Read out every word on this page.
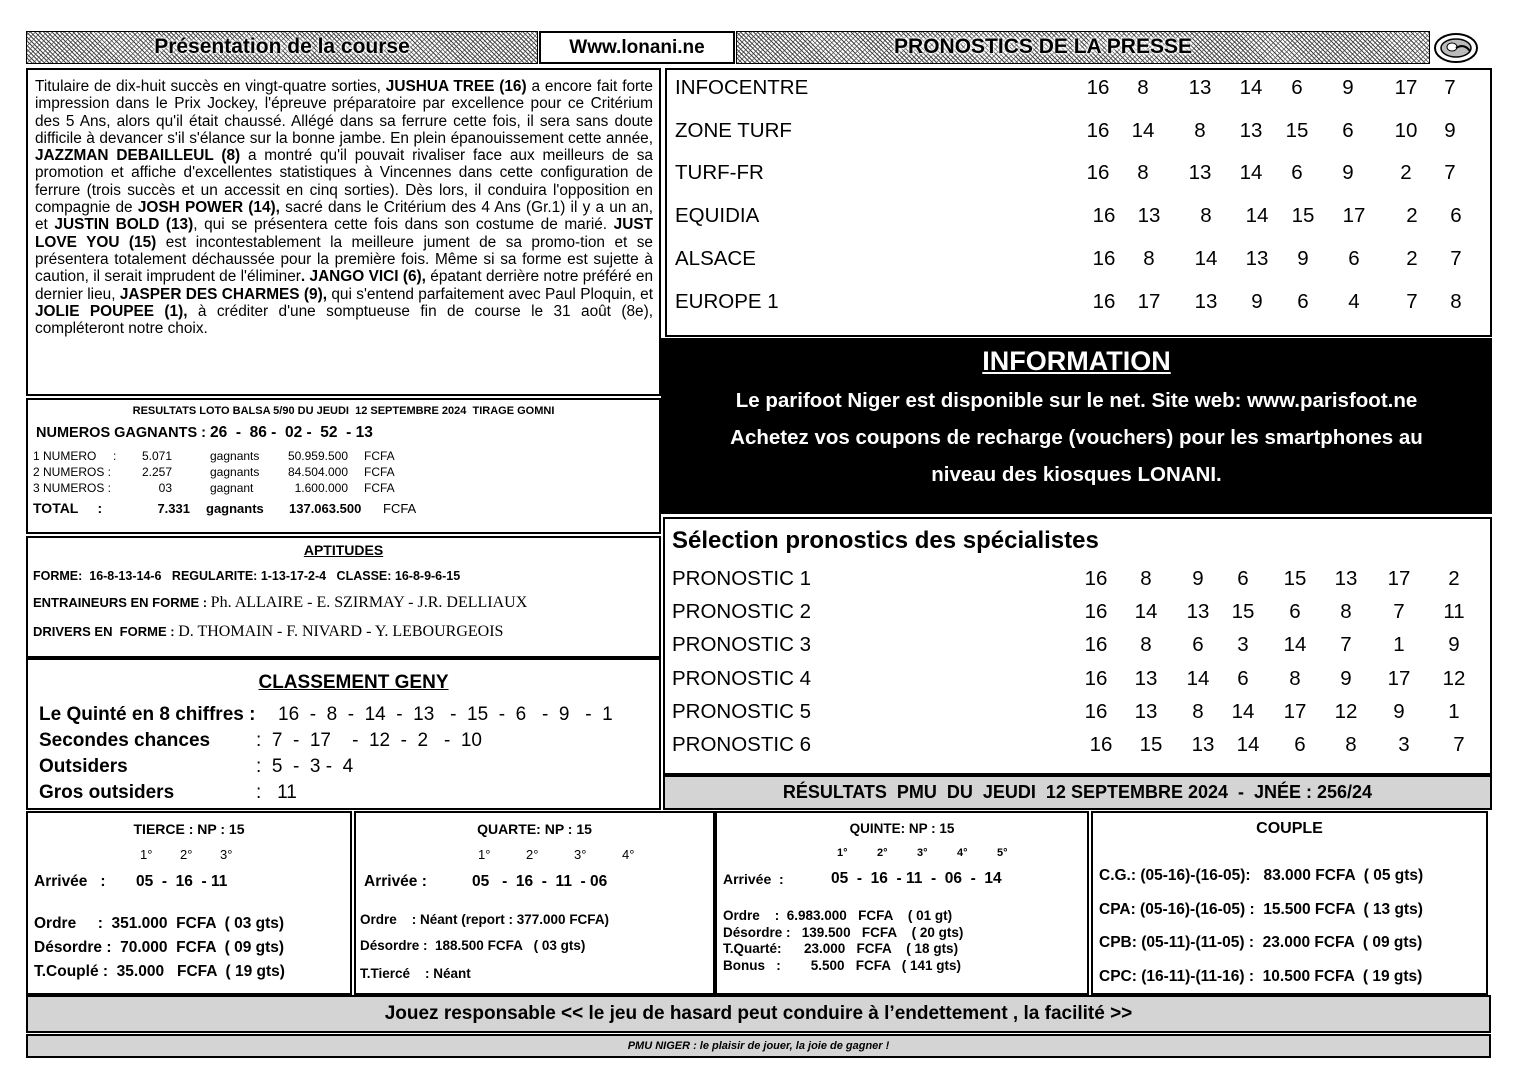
Présentation de la course	Www.lonani.ne	PRONOSTICS DE LA PRESSE
Titulaire de dix-huit succès en vingt-quatre sorties, JUSHUA TREE (16) a encore fait forte impression dans le Prix Jockey, l'épreuve préparatoire par excellence pour ce Critérium des 5 Ans, alors qu'il était chaussé. Allégé dans sa ferrure cette fois, il sera sans doute difficile à devancer s'il s'élance sur la bonne jambe. En plein épanouissement cette année, JAZZMAN DEBAILLEUL (8) a montré qu'il pouvait rivaliser face aux meilleurs de sa promotion et affiche d'excellentes statistiques à Vincennes dans cette configuration de ferrure (trois succès et un accessit en cinq sorties). Dès lors, il conduira l'opposition en compagnie de JOSH POWER (14), sacré dans le Critérium des 4 Ans (Gr.1) il y a un an, et JUSTIN BOLD (13), qui se présentera cette fois dans son costume de marié. JUST LOVE YOU (15) est incontestablement la meilleure jument de sa promo-tion et se présentera totalement déchaussée pour la première fois. Même si sa forme est sujette à caution, il serait imprudent de l'éliminer. JANGO VICI (6), épatant derrière notre préféré en dernier lieu, JASPER DES CHARMES (9), qui s'entend parfaitement avec Paul Ploquin, et JOLIE POUPEE (1), à créditer d'une somptueuse fin de course le 31 août (8e), compléteront notre choix.
INFOCENTRE	16	8	13	14	6	9	17	7
ZONE TURF	16	14	8	13	15	6	10	9
TURF-FR	16	8	13	14	6	9	2	7
EQUIDIA	16	13	8	14	15	17	2	6
ALSACE	16	8	14	13	9	6	2	7
EUROPE 1	16	17	13	9	6	4	7	8
INFORMATION
Le parifoot Niger est disponible sur le net. Site web: www.parisfoot.ne
Achetez vos coupons de recharge (vouchers) pour les smartphones au
niveau des kiosques LONANI.
RESULTATS LOTO BALSA 5/90 DU JEUDI  12 SEPTEMBRE 2024  TIRAGE GOMNI
NUMEROS GAGNANTS : 26  -  86 -  02 -  52  - 13
1 NUMERO     :	5.071	gagnants	50.959.500 FCFA
2 NUMEROS :	2.257	gagnants	84.504.000 FCFA
3 NUMEROS :	03	gagnant	1.600.000 FCFA
TOTAL     :	7.331 gagnants 137.063.500 FCFA
APTITUDES
FORME:  16-8-13-14-6   REGULARITE: 1-13-17-2-4   CLASSE: 16-8-9-6-15
ENTRAINEURS EN FORME : Ph. ALLAIRE - E. SZIRMAY - J.R. DELLIAUX
DRIVERS EN  FORME : D. THOMAIN - F. NIVARD - Y. LEBOURGEOIS
CLASSEMENT GENY
Le Quinté en 8 chiffres : 16  -  8  -  14  -  13   -  15  -  6   -  9   -  1
Secondes chances :  7  -  17    -  12  -  2   -  10
Outsiders	:  5  -  3 -  4
Gros outsiders	:   11
Sélection pronostics des spécialistes
PRONOSTIC 1	16	8	9	6	15	13	17	2
PRONOSTIC 2	16	14	13	15	6	8	7	11
PRONOSTIC 3	16	8	6	3	14	7	1	9
PRONOSTIC 4	16	13	14	6	8	9	17	12
PRONOSTIC 5	16	13	8	14	17	12	9	1
PRONOSTIC 6	16	15	13	14	6	8	3	7
RÉSULTATS  PMU  DU  JEUDI  12 SEPTEMBRE 2024  -  JNÉE : 256/24
TIERCE : NP : 15
1° 2° 3°
Arrivée   : 05  -  16  - 11
Ordre     :  351.000  FCFA  ( 03 gts)
Désordre :  70.000  FCFA  ( 09 gts)
T.Couplé :  35.000   FCFA  ( 19 gts)
QUARTE: NP : 15
1°	2°	3°	4°
Arrivée :	05   -  16  -  11  - 06
Ordre    : Néant (report : 377.000 FCFA)
Désordre :  188.500 FCFA   ( 03 gts)
T.Tiercé    : Néant
QUINTE: NP : 15
1°	2°	3°	4°	5°
Arrivée  :	05  -  16  - 11  -  06  -  14
Ordre    :  6.983.000   FCFA    ( 01 gt)
Désordre :   139.500   FCFA    ( 20 gts)
T.Quarté:      23.000   FCFA    ( 18 gts)
Bonus   :        5.500   FCFA   ( 141 gts)
COUPLE
C.G.: (05-16)-(16-05):   83.000 FCFA  ( 05 gts)
CPA: (05-16)-(16-05) :  15.500 FCFA  ( 13 gts)
CPB: (05-11)-(11-05) :  23.000 FCFA  ( 09 gts)
CPC: (16-11)-(11-16) :  10.500 FCFA  ( 19 gts)
Jouez responsable << le jeu de hasard peut conduire à l’endettement , la facilité >>
PMU NIGER : le plaisir de jouer, la joie de gagner !
